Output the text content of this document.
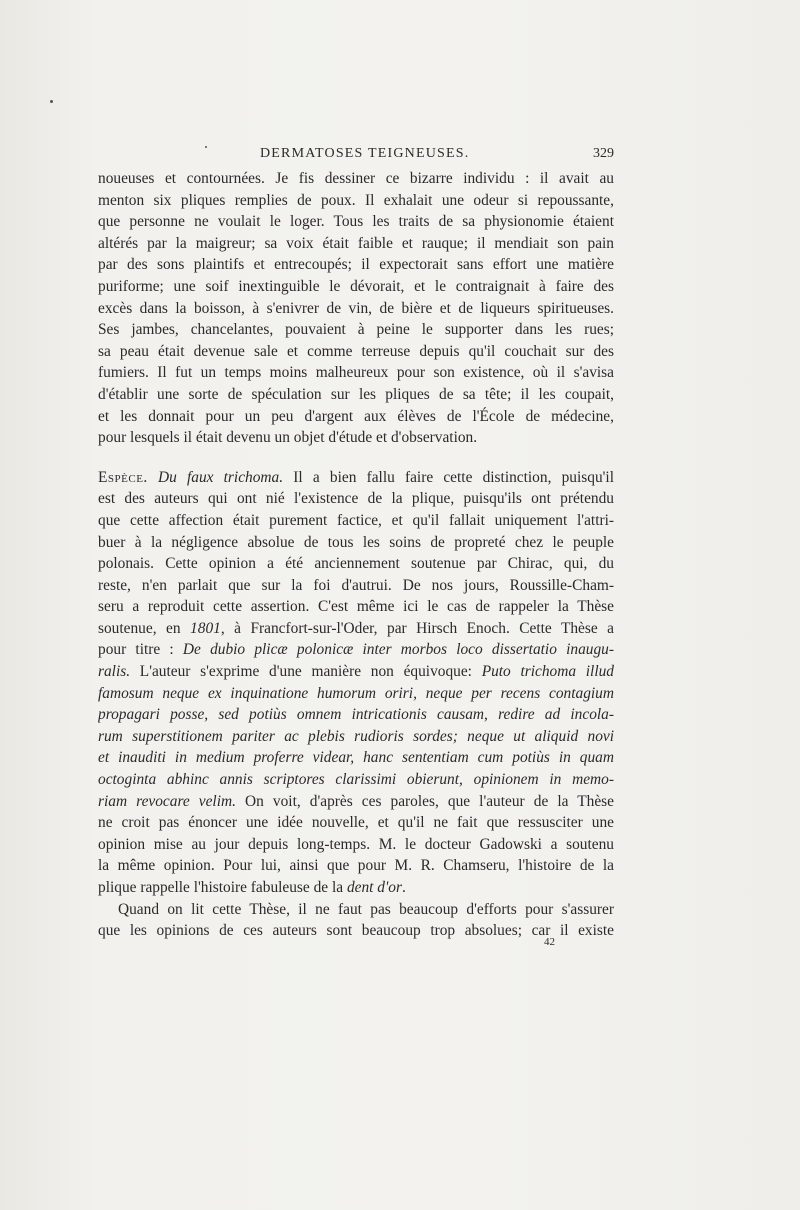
DERMATOSES TEIGNEUSES.	329
noueuses et contournées. Je fis dessiner ce bizarre individu : il avait au
menton six pliques remplies de poux. Il exhalait une odeur si repoussante,
que personne ne voulait le loger. Tous les traits de sa physionomie étaient
altérés par la maigreur; sa voix était faible et rauque; il mendiait son pain
par des sons plaintifs et entrecoupés; il expectorait sans effort une matière
puriforme; une soif inextinguible le dévorait, et le contraignait à faire des
excès dans la boisson, à s'enivrer de vin, de bière et de liqueurs spiritueuses.
Ses jambes, chancelantes, pouvaient à peine le supporter dans les rues;
sa peau était devenue sale et comme terreuse depuis qu'il couchait sur des
fumiers. Il fut un temps moins malheureux pour son existence, où il s'avisa
d'établir une sorte de spéculation sur les pliques de sa tête; il les coupait,
et les donnait pour un peu d'argent aux élèves de l'École de médecine,
pour lesquels il était devenu un objet d'étude et d'observation.
Espèce. Du faux trichoma. Il a bien fallu faire cette distinction, puisqu'il
est des auteurs qui ont nié l'existence de la plique, puisqu'ils ont prétendu
que cette affection était purement factice, et qu'il fallait uniquement l'attri-
buer à la négligence absolue de tous les soins de propreté chez le peuple
polonais. Cette opinion a été anciennement soutenue par Chirac, qui, du
reste, n'en parlait que sur la foi d'autrui. De nos jours, Roussille-Cham-
seru a reproduit cette assertion. C'est même ici le cas de rappeler la Thèse
soutenue, en 1801, à Francfort-sur-l'Oder, par Hirsch Enoch. Cette Thèse a
pour titre : De dubio plicæ polonicæ inter morbos loco dissertatio inaugu-
ralis. L'auteur s'exprime d'une manière non équivoque: Puto trichoma illud
famosum neque ex inquinatione humorum oriri, neque per recens contagium
propagari posse, sed potiùs omnem intricationis causam, redire ad incola-
rum superstitionem pariter ac plebis rudioris sordes; neque ut aliquid novi
et inauditi in medium proferre videar, hanc sententiam cum potiùs in quam
octoginta abhinc annis scriptores clarissimi obierunt, opinionem in memo-
riam revocare velim. On voit, d'après ces paroles, que l'auteur de la Thèse
ne croit pas énoncer une idée nouvelle, et qu'il ne fait que ressusciter une
opinion mise au jour depuis long-temps. M. le docteur Gadowski a soutenu
la même opinion. Pour lui, ainsi que pour M. R. Chamseru, l'histoire de la
plique rappelle l'histoire fabuleuse de la dent d'or.
Quand on lit cette Thèse, il ne faut pas beaucoup d'efforts pour s'assurer
que les opinions de ces auteurs sont beaucoup trop absolues; car il existe
42
